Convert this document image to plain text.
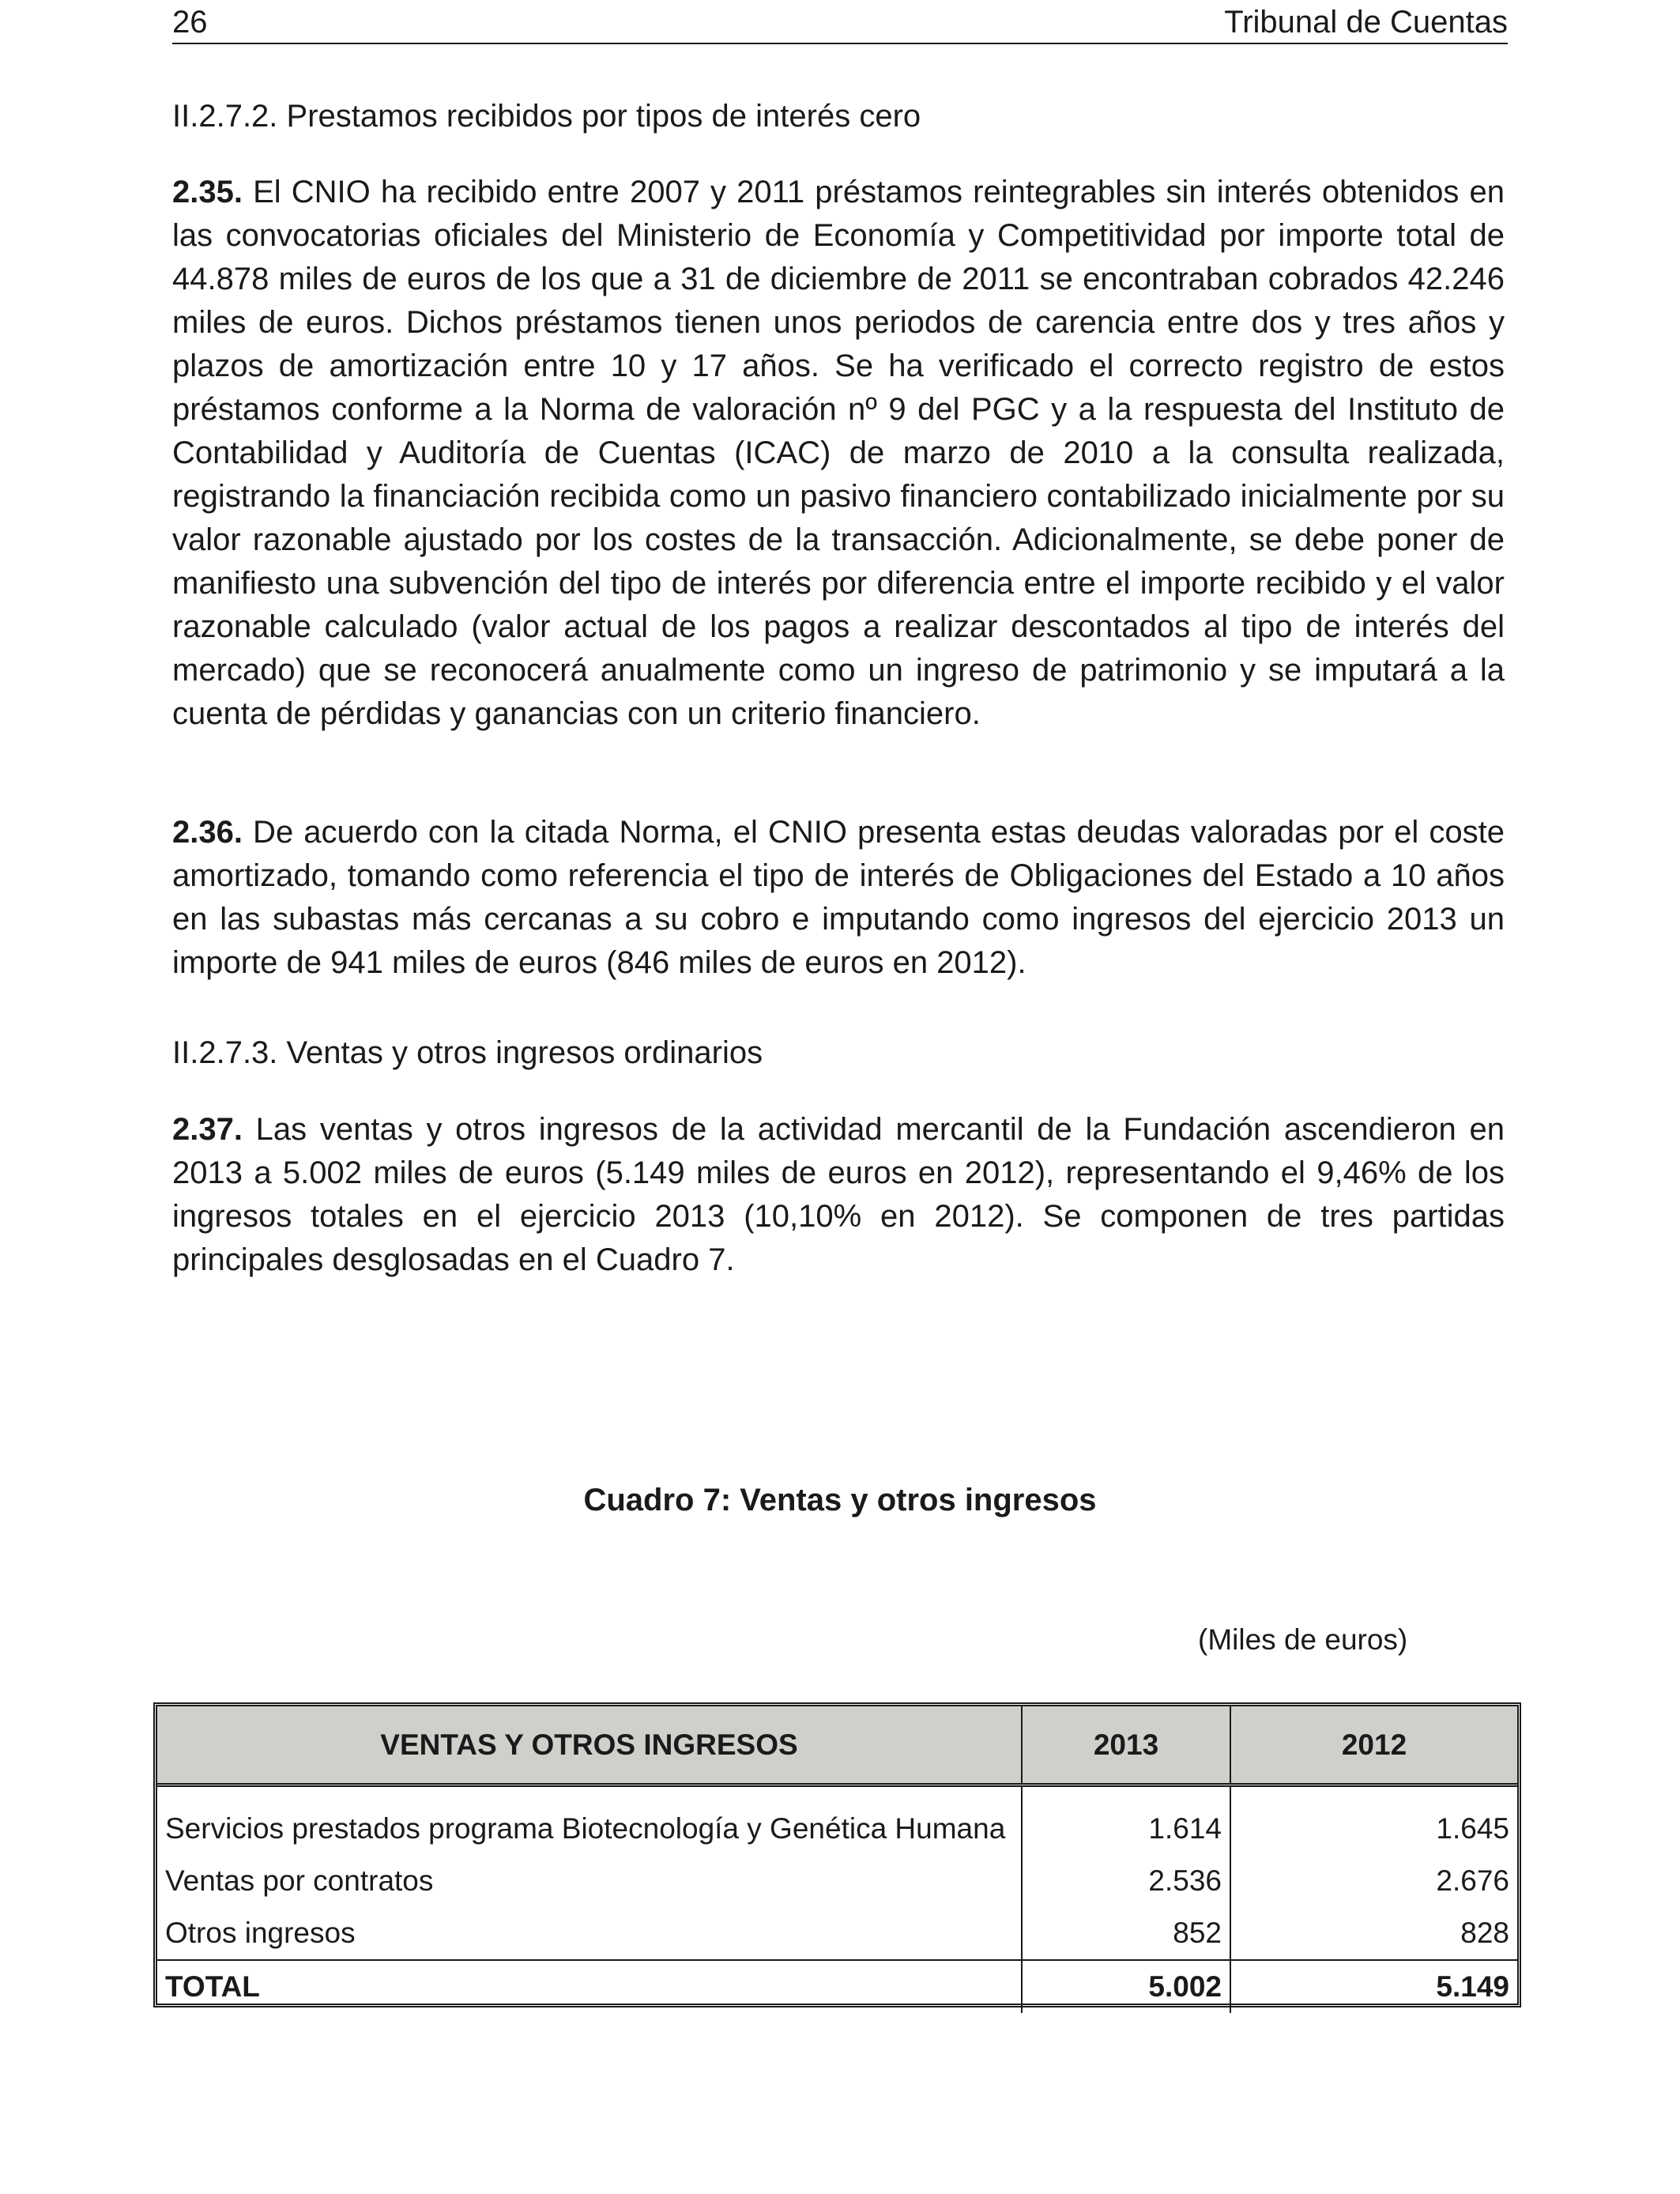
26	Tribunal de Cuentas

II.2.7.2. Prestamos recibidos por tipos de interés cero

2.35. El CNIO ha recibido entre 2007 y 2011 préstamos reintegrables sin interés obtenidos en las convocatorias oficiales del Ministerio de Economía y Competitividad por importe total de 44.878 miles de euros de los que a 31 de diciembre de 2011 se encontraban cobrados 42.246 miles de euros. Dichos préstamos tienen unos periodos de carencia entre dos y tres años y plazos de amortización entre 10 y 17 años. Se ha verificado el correcto registro de estos préstamos conforme a la Norma de valoración nº 9 del PGC y a la respuesta del Instituto de Contabilidad y Auditoría de Cuentas (ICAC) de marzo de 2010 a la consulta realizada, registrando la financiación recibida como un pasivo financiero contabilizado inicialmente por su valor razonable ajustado por los costes de la transacción. Adicionalmente, se debe poner de manifiesto una subvención del tipo de interés por diferencia entre el importe recibido y el valor razonable calculado (valor actual de los pagos a realizar descontados al tipo de interés del mercado) que se reconocerá anualmente como un ingreso de patrimonio y se imputará a la cuenta de pérdidas y ganancias con un criterio financiero.

2.36. De acuerdo con la citada Norma, el CNIO presenta estas deudas valoradas por el coste amortizado, tomando como referencia el tipo de interés de Obligaciones del Estado a 10 años en las subastas más cercanas a su cobro e imputando como ingresos del ejercicio 2013 un importe de 941 miles de euros (846 miles de euros en 2012).

II.2.7.3. Ventas y otros ingresos ordinarios

2.37. Las ventas y otros ingresos de la actividad mercantil de la Fundación ascendieron en 2013 a 5.002 miles de euros (5.149 miles de euros en 2012), representando el 9,46% de los ingresos totales en el ejercicio 2013 (10,10% en 2012). Se componen de tres partidas principales desglosadas en el Cuadro 7.

Cuadro 7: Ventas y otros ingresos
(Miles de euros)
VENTAS Y OTROS INGRESOS	2013	2012
Servicios prestados programa Biotecnología y Genética Humana	1.614	1.645
Ventas por contratos	2.536	2.676
Otros ingresos	852	828
TOTAL	5.002	5.149
